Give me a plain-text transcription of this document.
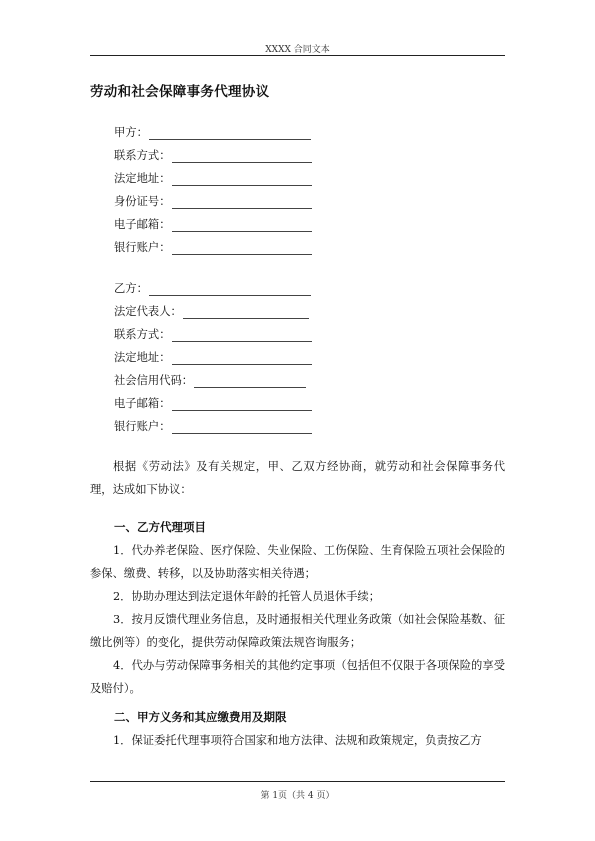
XXXX 合同文本
劳动和社会保障事务代理协议
甲方：
联系方式：
法定地址：
身份证号：
电子邮箱：
银行账户：
乙方：
法定代表人：
联系方式：
法定地址：
社会信用代码：
电子邮箱：
银行账户：

根据《劳动法》及有关规定，甲、乙双方经协商，就劳动和社会保障事务代理，达成如下协议：

一、乙方代理项目

1．代办养老保险、医疗保险、失业保险、工伤保险、生育保险五项社会保险的参保、缴费、转移，以及协助落实相关待遇；

2．协助办理达到法定退休年龄的托管人员退休手续；

3．按月反馈代理业务信息，及时通报相关代理业务政策（如社会保险基数、征缴比例等）的变化，提供劳动保障政策法规咨询服务；

4．代办与劳动保障事务相关的其他约定事项（包括但不仅限于各项保险的享受及赔付）。

二、甲方义务和其应缴费用及期限

1．保证委托代理事项符合国家和地方法律、法规和政策规定，负责按乙方

第 1页（共 4 页）
